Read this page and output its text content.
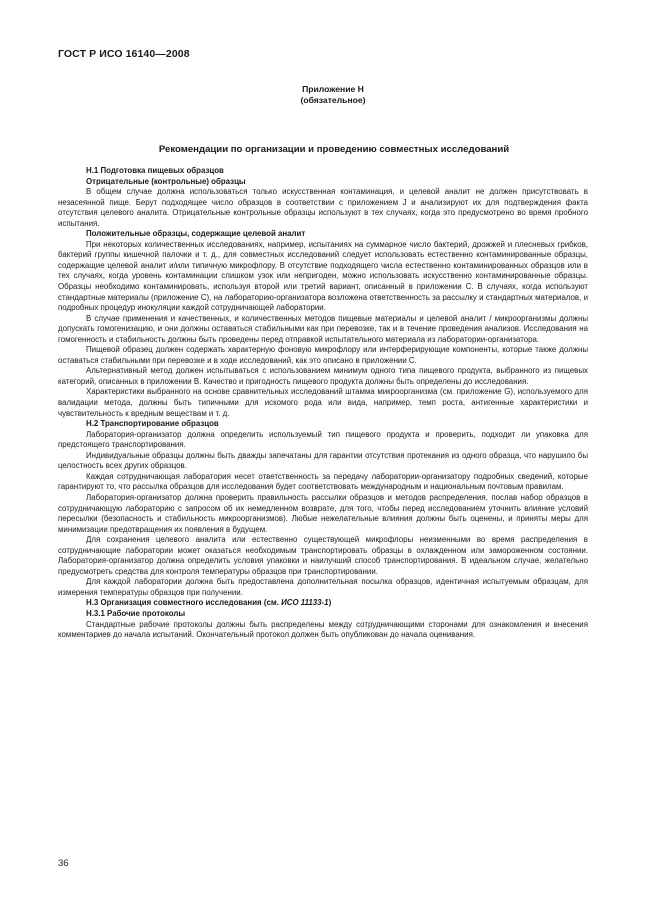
ГОСТ Р ИСО 16140—2008
Приложение Н
(обязательное)
Рекомендации по организации и проведению совместных исследований

Н.1 Подготовка пищевых образцов

Отрицательные (контрольные) образцы

В общем случае должна использоваться только искусственная контаминация, и целевой аналит не должен присутствовать в незасеянной пище. Берут подходящее число образцов в соответствии с приложением J и анализируют их для подтверждения факта отсутствия целевого аналита. Отрицательные контрольные образцы используют в тех случаях, когда это предусмотрено во время пробного испытания.

Положительные образцы, содержащие целевой аналит

При некоторых количественных исследованиях, например, испытаниях на суммарное число бактерий, дрожжей и плесневых грибков, бактерий группы кишечной палочки и т. д., для совместных исследований следует использовать естественно контаминированные образцы, содержащие целевой аналит и/или типичную микрофлору. В отсутствие подходящего числа естественно контаминированных образцов или в тех случаях, когда уровень контаминации слишком узок или непригоден, можно использовать искусственно контаминированные образцы. Образцы необходимо контаминировать, используя второй или третий вариант, описанный в приложении С. В случаях, когда используют стандартные материалы (приложение С), на лабораторию-организатора возложена ответственность за рассылку и стандартных материалов, и подробных процедур инокуляции каждой сотрудничающей лаборатории.

В случае применения и качественных, и количественных методов пищевые материалы и целевой аналит / микроорганизмы должны допускать гомогенизацию, и они должны оставаться стабильными как при перевозке, так и в течение проведения анализов. Исследования на гомогенность и стабильность должны быть проведены перед отправкой испытательного материала из лаборатории-организатора.

Пищевой образец должен содержать характерную фоновую микрофлору или интерферирующие компоненты, которые также должны оставаться стабильными при перевозке и в ходе исследований, как это описано в приложении С.

Альтернативный метод должен испытываться с использованием минимум одного типа пищевого продукта, выбранного из пищевых категорий, описанных в приложении В. Качество и пригодность пищевого продукта должны быть определены до исследования.

Характеристики выбранного на основе сравнительных исследований штамма микроорганизма (см. приложение G), используемого для валидации метода, должны быть типичными для искомого рода или вида, например, темп роста, антигенные характеристики и чувствительность к вредным веществам и т. д.

Н.2 Транспортирование образцов

Лаборатория-организатор должна определить используемый тип пищевого продукта и проверить, подходит ли упаковка для предстоящего транспортирования.

Индивидуальные образцы должны быть дважды запечатаны для гарантии отсутствия протекания из одного образца, что нарушило бы целостность всех других образцов.

Каждая сотрудничающая лаборатория несет ответственность за передачу лаборатории-организатору подробных сведений, которые гарантируют то, что рассылка образцов для исследования будет соответствовать международным и национальным почтовым правилам.

Лаборатория-организатор должна проверить правильность рассылки образцов и методов распределения, послав набор образцов в сотрудничающую лабораторию с запросом об их немедленном возврате, для того, чтобы перед исследованием уточнить влияние условий пересылки (безопасность и стабильность микроорганизмов). Любые нежелательные влияния должны быть оценены, и приняты меры для минимизации предотвращения их появления в будущем.

Для сохранения целевого аналита или естественно существующей микрофлоры неизменными во время распределения в сотрудничающие лаборатории может оказаться необходимым транспортировать образцы в охлажденном или замороженном состоянии. Лаборатория-организатор должна определить условия упаковки и наилучший способ транспортирования. В идеальном случае, желательно предусмотреть средства для контроля температуры образцов при транспортировании.

Для каждой лаборатории должна быть предоставлена дополнительная посылка образцов, идентичная испытуемым образцам, для измерения температуры образцов при получении.

Н.3 Организация совместного исследования (см. ИСО 11133-1)

Н.3.1 Рабочие протоколы

Стандартные рабочие протоколы должны быть распределены между сотрудничающими сторонами для ознакомления и внесения комментариев до начала испытаний. Окончательный протокол должен быть опубликован до начала оценивания.

36
